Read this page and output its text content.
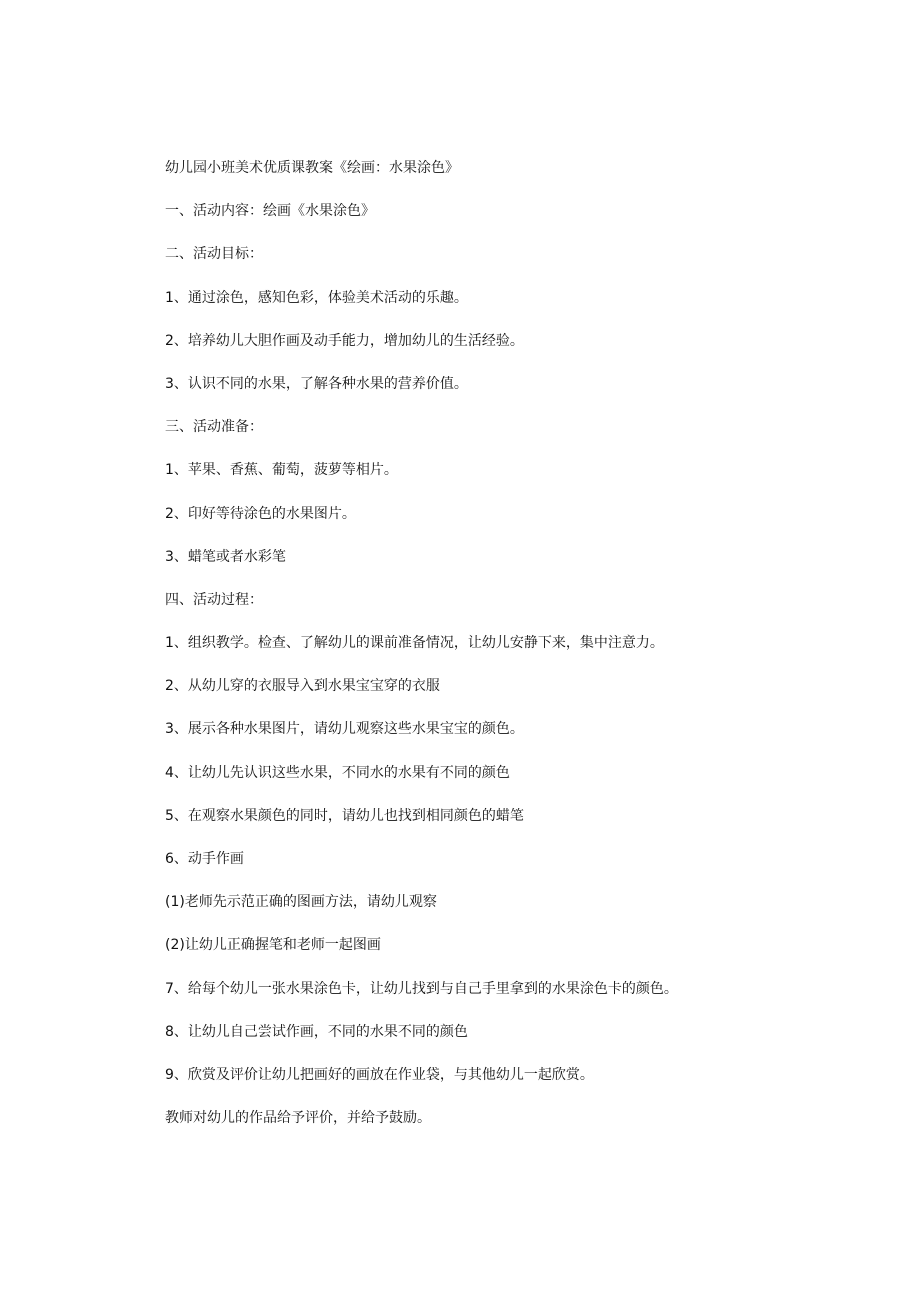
幼儿园小班美术优质课教案《绘画：水果涂色》

一、活动内容：绘画《水果涂色》

二、活动目标：

1、通过涂色，感知色彩，体验美术活动的乐趣。

2、培养幼儿大胆作画及动手能力，增加幼儿的生活经验。

3、认识不同的水果，了解各种水果的营养价值。

三、活动准备：

1、苹果、香蕉、葡萄，菠萝等相片。

2、印好等待涂色的水果图片。

3、蜡笔或者水彩笔

四、活动过程：

1、组织教学。检查、了解幼儿的课前准备情况，让幼儿安静下来，集中注意力。

2、从幼儿穿的衣服导入到水果宝宝穿的衣服

3、展示各种水果图片，请幼儿观察这些水果宝宝的颜色。

4、让幼儿先认识这些水果，不同水的水果有不同的颜色

5、在观察水果颜色的同时，请幼儿也找到相同颜色的蜡笔

6、动手作画

(1)老师先示范正确的图画方法，请幼儿观察

(2)让幼儿正确握笔和老师一起图画

7、给每个幼儿一张水果涂色卡，让幼儿找到与自己手里拿到的水果涂色卡的颜色。

8、让幼儿自己尝试作画，不同的水果不同的颜色

9、欣赏及评价让幼儿把画好的画放在作业袋，与其他幼儿一起欣赏。

教师对幼儿的作品给予评价，并给予鼓励。
